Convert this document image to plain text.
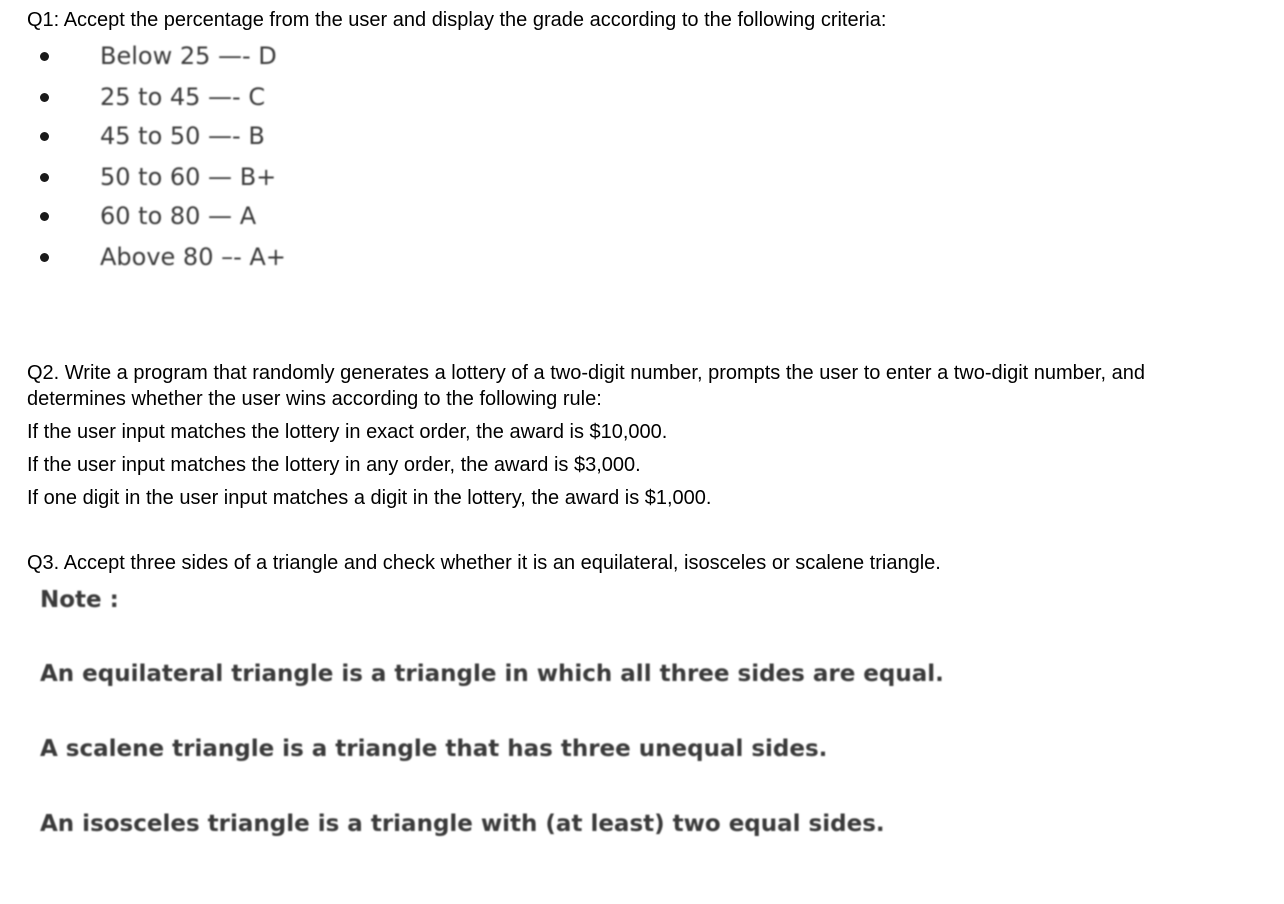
Q1: Accept the percentage from the user and display the grade according to the following criteria:

Below 25 —- D
25 to 45 —- C
45 to 50 —- B
50 to 60 — B+
60 to 80 — A
Above 80 –- A+

Q2. Write a program that randomly generates a lottery of a two-digit number, prompts the user to enter a two-digit number, and determines whether the user wins according to the following rule:

If the user input matches the lottery in exact order, the award is $10,000.
If the user input matches the lottery in any order, the award is $3,000.
If one digit in the user input matches a digit in the lottery, the award is $1,000.

Q3. Accept three sides of a triangle and check whether it is an equilateral, isosceles or scalene triangle.

Note :
An equilateral triangle is a triangle in which all three sides are equal.
A scalene triangle is a triangle that has three unequal sides.
An isosceles triangle is a triangle with (at least) two equal sides.
